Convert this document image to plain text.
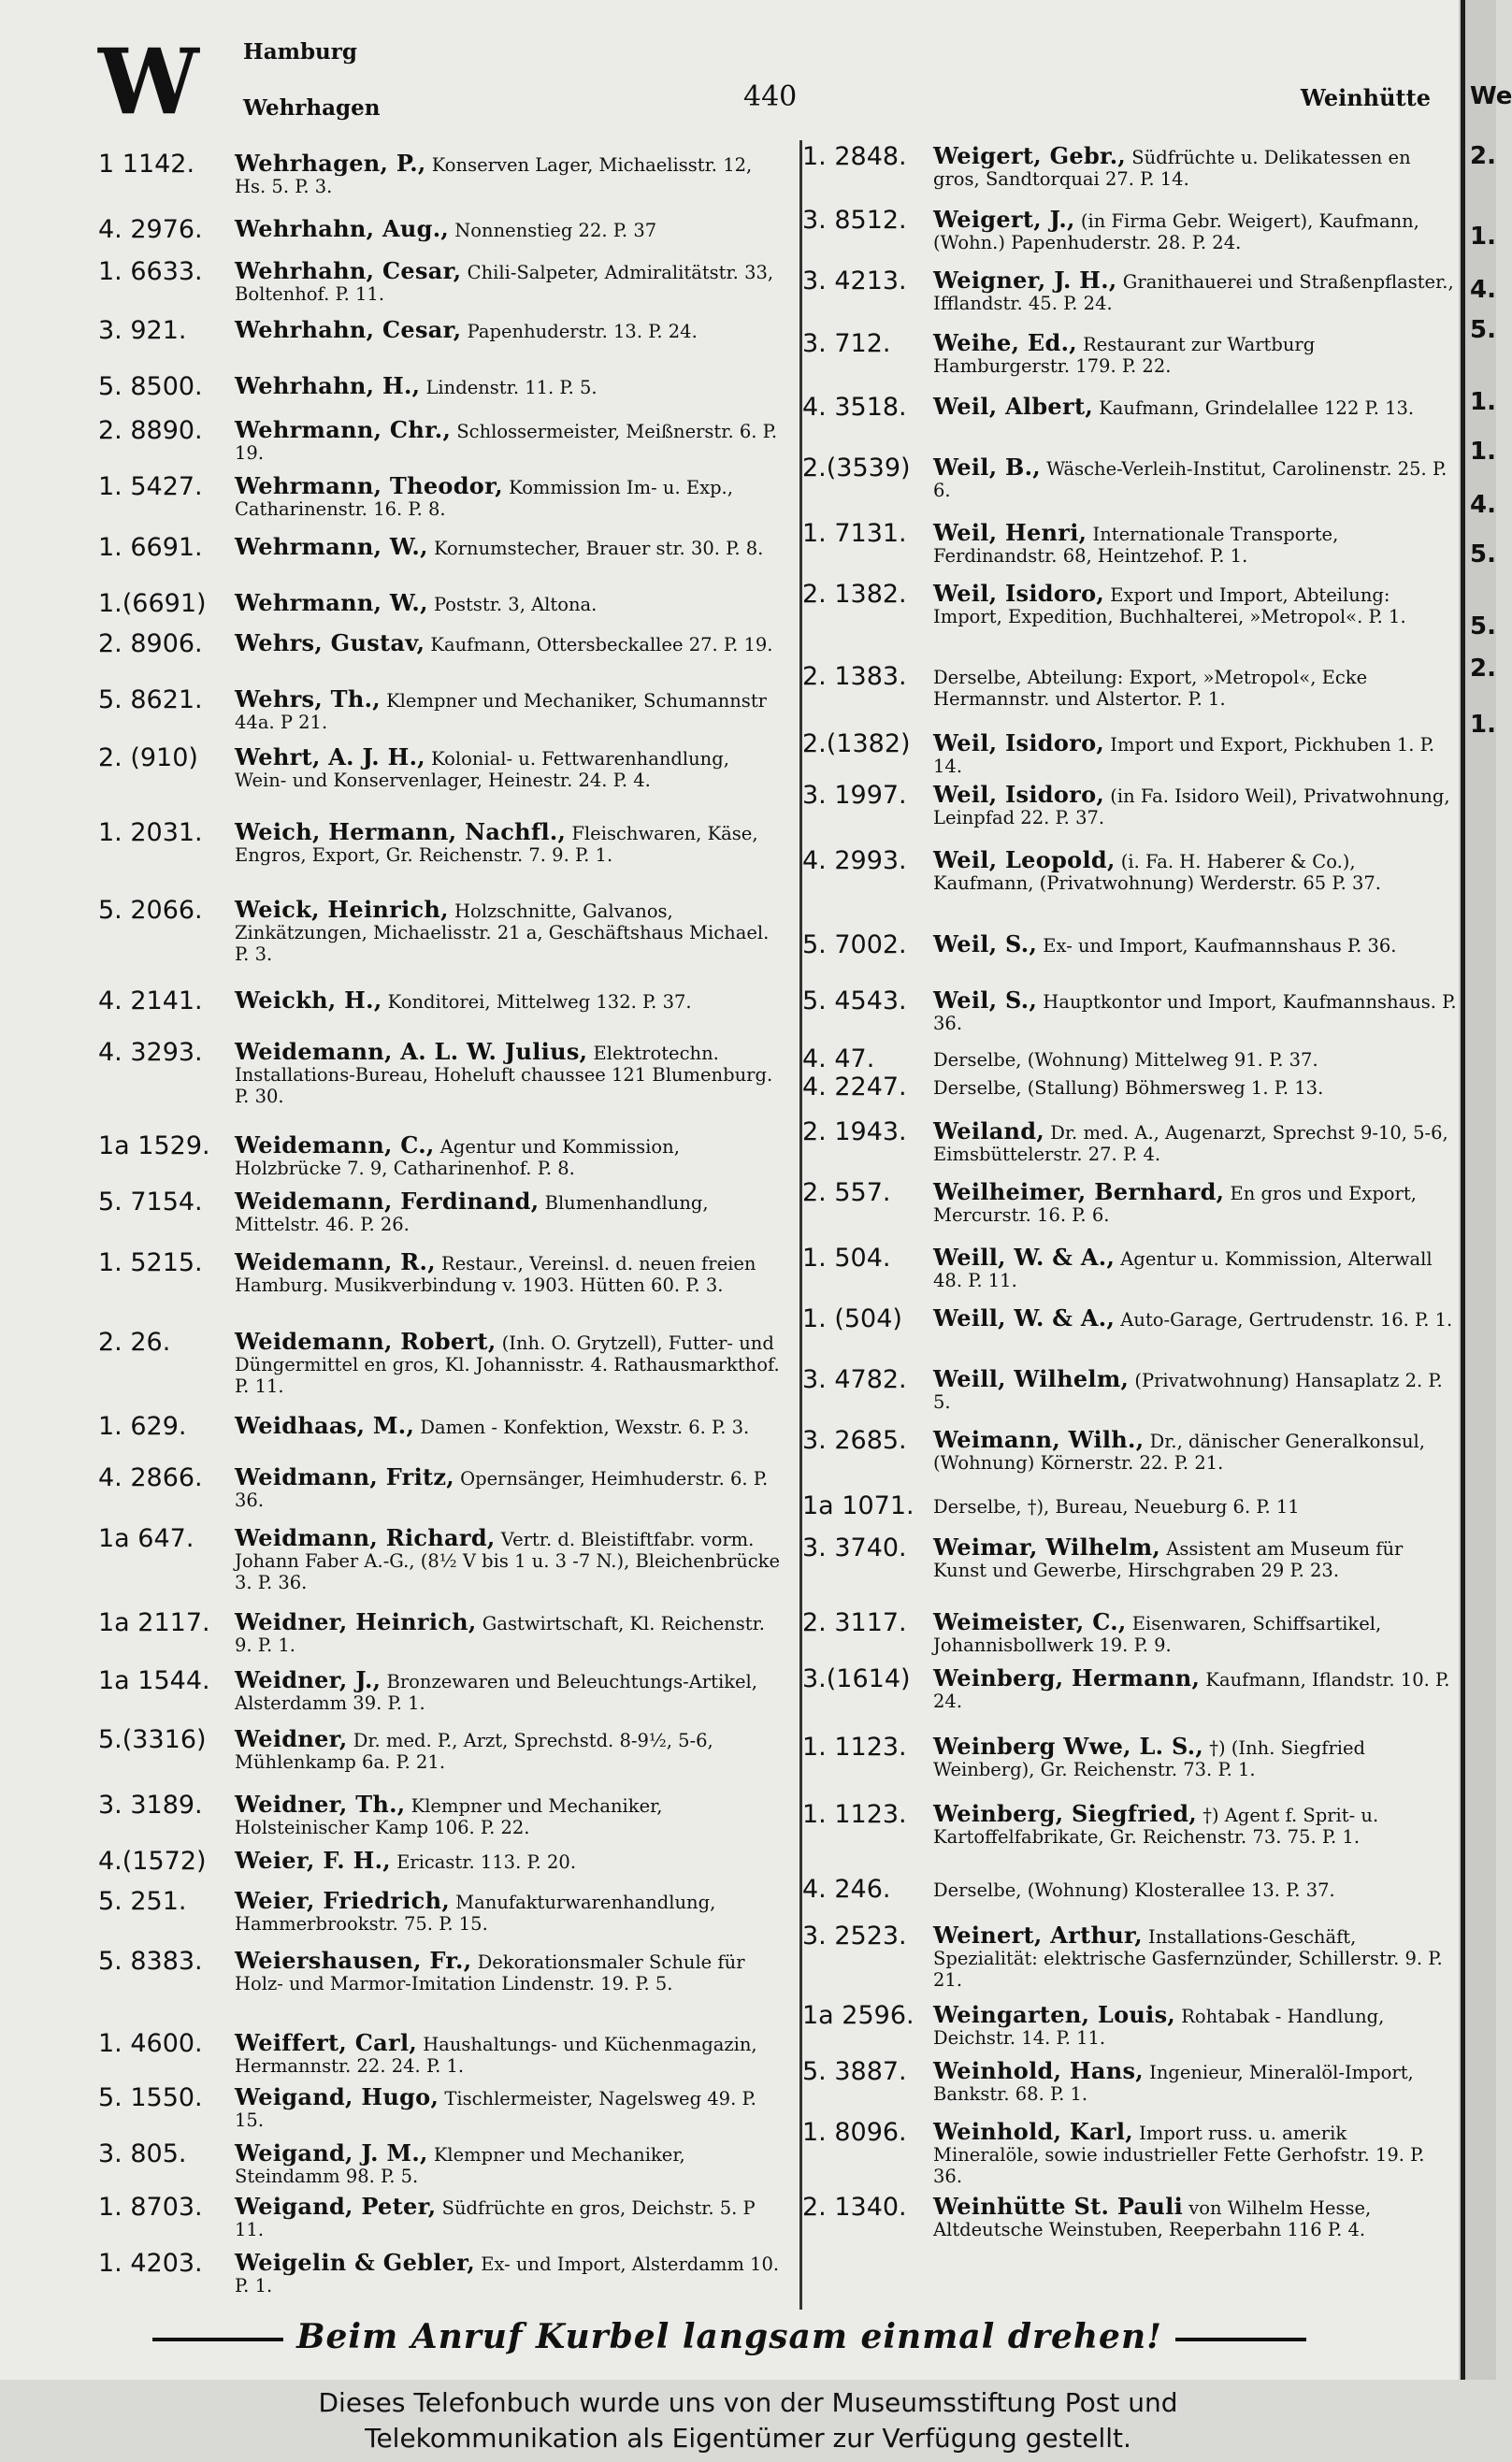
W Hamburg
Wehrhagen	440	Weinhütte
1 1142.	Wehrhagen, P., Konserven Lager, Michaelisstr. 12, Hs. 5. P. 3.
4. 2976.	Wehrhahn, Aug., Nonnenstieg 22. P. 37
1. 6633.	Wehrhahn, Cesar, Chili-Salpeter, Admiralitätstr. 33, Boltenhof. P. 11.
3. 921.	Wehrhahn, Cesar, Papenhuderstr. 13. P. 24.
5. 8500.	Wehrhahn, H., Lindenstr. 11. P. 5.
2. 8890.	Wehrmann, Chr., Schlossermeister, Meißnerstr. 6. P. 19.
1. 5427.	Wehrmann, Theodor, Kommission Im- u. Exp., Catharinenstr. 16. P. 8.
1. 6691.	Wehrmann, W., Kornumstecher, Brauer str. 30. P. 8.
1.(6691)	Wehrmann, W., Poststr. 3, Altona.
2. 8906.	Wehrs, Gustav, Kaufmann, Ottersbeckallee 27. P. 19.
5. 8621.	Wehrs, Th., Klempner und Mechaniker, Schumannstr 44a. P 21.
2. (910)	Wehrt, A. J. H., Kolonial- u. Fettwarenhandlung, Wein- und Konservenlager, Heinestr. 24. P. 4.
1. 2031.	Weich, Hermann, Nachfl., Fleischwaren, Käse, Engros, Export, Gr. Reichenstr. 7. 9. P. 1.
5. 2066.	Weick, Heinrich, Holzschnitte, Galvanos, Zinkätzungen, Michaelisstr. 21 a, Geschäftshaus Michael. P. 3.
4. 2141.	Weickh, H., Konditorei, Mittelweg 132. P. 37.
4. 3293.	Weidemann, A. L. W. Julius, Elektrotechn. Installations-Bureau, Hoheluft chaussee 121 Blumenburg. P. 30.
1a 1529.	Weidemann, C., Agentur und Kommission, Holzbrücke 7. 9, Catharinenhof. P. 8.
5. 7154.	Weidemann, Ferdinand, Blumenhandlung, Mittelstr. 46. P. 26.
1. 5215.	Weidemann, R., Restaur., Vereinsl. d. neuen freien Hamburg. Musikverbindung v. 1903. Hütten 60. P. 3.
2. 26.	Weidemann, Robert, (Inh. O. Grytzell), Futter- und Düngermittel en gros, Kl. Johannisstr. 4. Rathausmarkthof. P. 11.
1. 629.	Weidhaas, M., Damen - Konfektion, Wexstr. 6. P. 3.
4. 2866.	Weidmann, Fritz, Opernsänger, Heimhuderstr. 6. P. 36.
1a 647.	Weidmann, Richard, Vertr. d. Bleistiftfabr. vorm. Johann Faber A.-G., (8½ V bis 1 u. 3 -7 N.), Bleichenbrücke 3. P. 36.
1a 2117.	Weidner, Heinrich, Gastwirtschaft, Kl. Reichenstr. 9. P. 1.
1a 1544.	Weidner, J., Bronzewaren und Beleuchtungs-Artikel, Alsterdamm 39. P. 1.
5.(3316)	Weidner, Dr. med. P., Arzt, Sprechstd. 8-9½, 5-6, Mühlenkamp 6a. P. 21.
3. 3189.	Weidner, Th., Klempner und Mechaniker, Holsteinischer Kamp 106. P. 22.
4.(1572)	Weier, F. H., Ericastr. 113. P. 20.
5. 251.	Weier, Friedrich, Manufakturwarenhandlung, Hammerbrookstr. 75. P. 15.
5. 8383.	Weiershausen, Fr., Dekorationsmaler Schule für Holz- und Marmor-Imitation Lindenstr. 19. P. 5.
1. 4600.	Weiffert, Carl, Haushaltungs- und Küchenmagazin, Hermannstr. 22. 24. P. 1.
5. 1550.	Weigand, Hugo, Tischlermeister, Nagelsweg 49. P. 15.
3. 805.	Weigand, J. M., Klempner und Mechaniker, Steindamm 98. P. 5.
1. 8703.	Weigand, Peter, Südfrüchte en gros, Deichstr. 5. P 11.
1. 4203.	Weigelin & Gebler, Ex- und Import, Alsterdamm 10. P. 1.
1. 2848.	Weigert, Gebr., Südfrüchte u. Delikatessen en gros, Sandtorquai 27. P. 14.
3. 8512.	Weigert, J., (in Firma Gebr. Weigert), Kaufmann, (Wohn.) Papenhuderstr. 28. P. 24.
3. 4213.	Weigner, J. H., Granithauerei und Straßenpflaster., Ifflandstr. 45. P. 24.
3. 712.	Weihe, Ed., Restaurant zur Wartburg Hamburgerstr. 179. P. 22.
4. 3518.	Weil, Albert, Kaufmann, Grindelallee 122 P. 13.
2.(3539)	Weil, B., Wäsche-Verleih-Institut, Carolinenstr. 25. P. 6.
1. 7131.	Weil, Henri, Internationale Transporte, Ferdinandstr. 68, Heintzehof. P. 1.
2. 1382.	Weil, Isidoro, Export und Import, Abteilung: Import, Expedition, Buchhalterei, »Metropol«. P. 1.
2. 1383.	Derselbe, Abteilung: Export, »Metropol«, Ecke Hermannstr. und Alstertor. P. 1.
2.(1382)	Weil, Isidoro, Import und Export, Pickhuben 1. P. 14.
3. 1997.	Weil, Isidoro, (in Fa. Isidoro Weil), Privatwohnung, Leinpfad 22. P. 37.
4. 2993.	Weil, Leopold, (i. Fa. H. Haberer & Co.), Kaufmann, (Privatwohnung) Werderstr. 65 P. 37.
5. 7002.	Weil, S., Ex- und Import, Kaufmannshaus P. 36.
5. 4543.	Weil, S., Hauptkontor und Import, Kaufmannshaus. P. 36.
4. 47.	Derselbe, (Wohnung) Mittelweg 91. P. 37.
4. 2247.	Derselbe, (Stallung) Böhmersweg 1. P. 13.
2. 1943.	Weiland, Dr. med. A., Augenarzt, Sprechst 9-10, 5-6, Eimsbüttelerstr. 27. P. 4.
2. 557.	Weilheimer, Bernhard, En gros und Export, Mercurstr. 16. P. 6.
1. 504.	Weill, W. & A., Agentur u. Kommission, Alterwall 48. P. 11.
1. (504)	Weill, W. & A., Auto-Garage, Gertrudenstr. 16. P. 1.
3. 4782.	Weill, Wilhelm, (Privatwohnung) Hansaplatz 2. P. 5.
3. 2685.	Weimann, Wilh., Dr., dänischer Generalkonsul, (Wohnung) Körnerstr. 22. P. 21.
1a 1071.	Derselbe, †), Bureau, Neueburg 6. P. 11
3. 3740.	Weimar, Wilhelm, Assistent am Museum für Kunst und Gewerbe, Hirschgraben 29 P. 23.
2. 3117.	Weimeister, C., Eisenwaren, Schiffsartikel, Johannisbollwerk 19. P. 9.
3.(1614)	Weinberg, Hermann, Kaufmann, Iflandstr. 10. P. 24.
1. 1123.	Weinberg Wwe, L. S., †) (Inh. Siegfried Weinberg), Gr. Reichenstr. 73. P. 1.
1. 1123.	Weinberg, Siegfried, †) Agent f. Sprit- u. Kartoffelfabrikate, Gr. Reichenstr. 73. 75. P. 1.
4. 246.	Derselbe, (Wohnung) Klosterallee 13. P. 37.
3. 2523.	Weinert, Arthur, Installations-Geschäft, Spezialität: elektrische Gasfernzünder, Schillerstr. 9. P. 21.
1a 2596. Weingarten, Louis, Rohtabak - Handlung, Deichstr. 14. P. 11.
5. 3887.	Weinhold, Hans, Ingenieur, Mineralöl-Import, Bankstr. 68. P. 1.
1. 8096.	Weinhold, Karl, Import russ. u. amerik Mineralöle, sowie industrieller Fette Gerhofstr. 19. P. 36.
2. 1340.	Weinhütte St. Pauli von Wilhelm Hesse, Altdeutsche Weinstuben, Reeperbahn 116 P. 4.
Beim Anruf Kurbel langsam einmal drehen!
We
2.
1.
4.
5.
1.
1.
4.
5.
5.
2.
1.
Dieses Telefonbuch wurde uns von der Museumsstiftung Post und
Telekommunikation als Eigentümer zur Verfügung gestellt.
